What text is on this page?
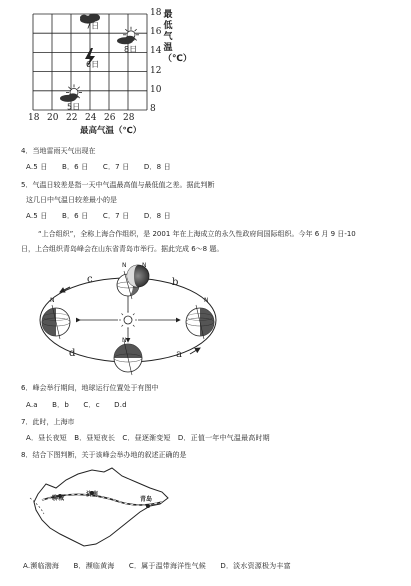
5日
6日
7日
8日
18 20 22 24 26 28
18
16
14
12
10
8
最低气温（℃）
最高气温（℃）
4．当地雷雨天气出现在
A.5 日　　B．6 日　　C．7 日　　D．8 日
5．气温日较差是指一天中气温最高值与最低值之差。据此判断
这几日中气温日较差最小的是
A.5 日　　B．6 日　　C．7 日　　D．8 日
“上合组织”，全称上海合作组织，是 2001 年在上海成立的永久性政府间国际组织。今年 6 月 9 日-10
日，上合组织青岛峰会在山东省青岛市举行。据此完成 6～8 题。
c	b
d	a
N	N
N	N
N
6．峰会举行期间，地球运行位置处于有图中
A.a　　B．b　　C．c　　D.d
7．此时，上海市
A．昼长夜短　B．昼短夜长　C．昼逐渐变短　D．正值一年中气温最高时期
8．结合下图判断，关于该峰会举办地的叙述正确的是
聊城
济南
青岛
A.濒临渤海　　B．濒临黄海　　C．属于温带海洋性气候　　D．淡水资源极为丰富
